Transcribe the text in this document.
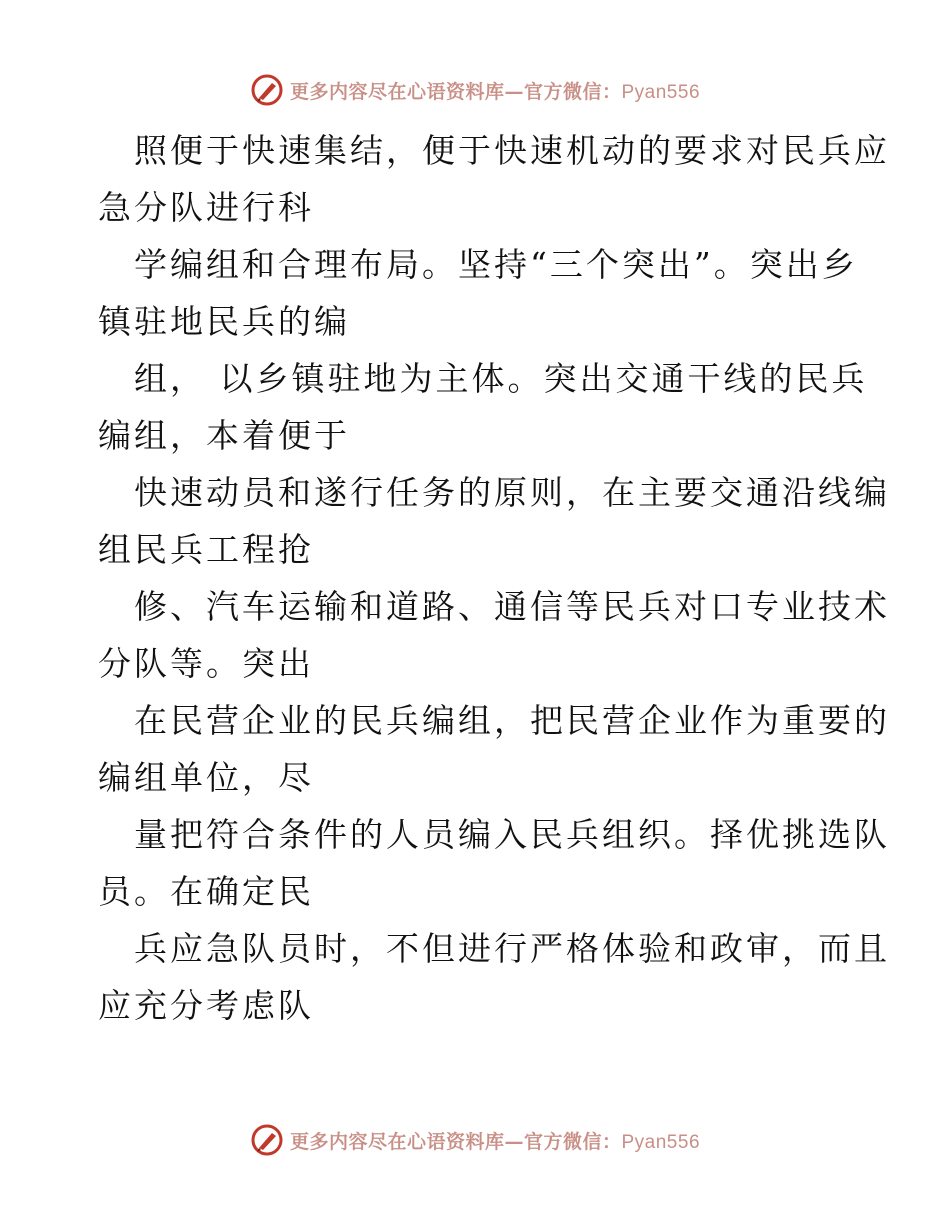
更多内容尽在心语资料库—官方微信：Pyan556
照便于快速集结，便于快速机动的要求对民兵应
急分队进行科
学编组和合理布局。坚持“三个突出”。突出乡
镇驻地民兵的编
组， 以乡镇驻地为主体。突出交通干线的民兵
编组，本着便于
快速动员和遂行任务的原则，在主要交通沿线编
组民兵工程抢
修、汽车运输和道路、通信等民兵对口专业技术
分队等。突出
在民营企业的民兵编组，把民营企业作为重要的
编组单位，尽
量把符合条件的人员编入民兵组织。择优挑选队
员。在确定民
兵应急队员时，不但进行严格体验和政审，而且
应充分考虑队
更多内容尽在心语资料库—官方微信：Pyan556
